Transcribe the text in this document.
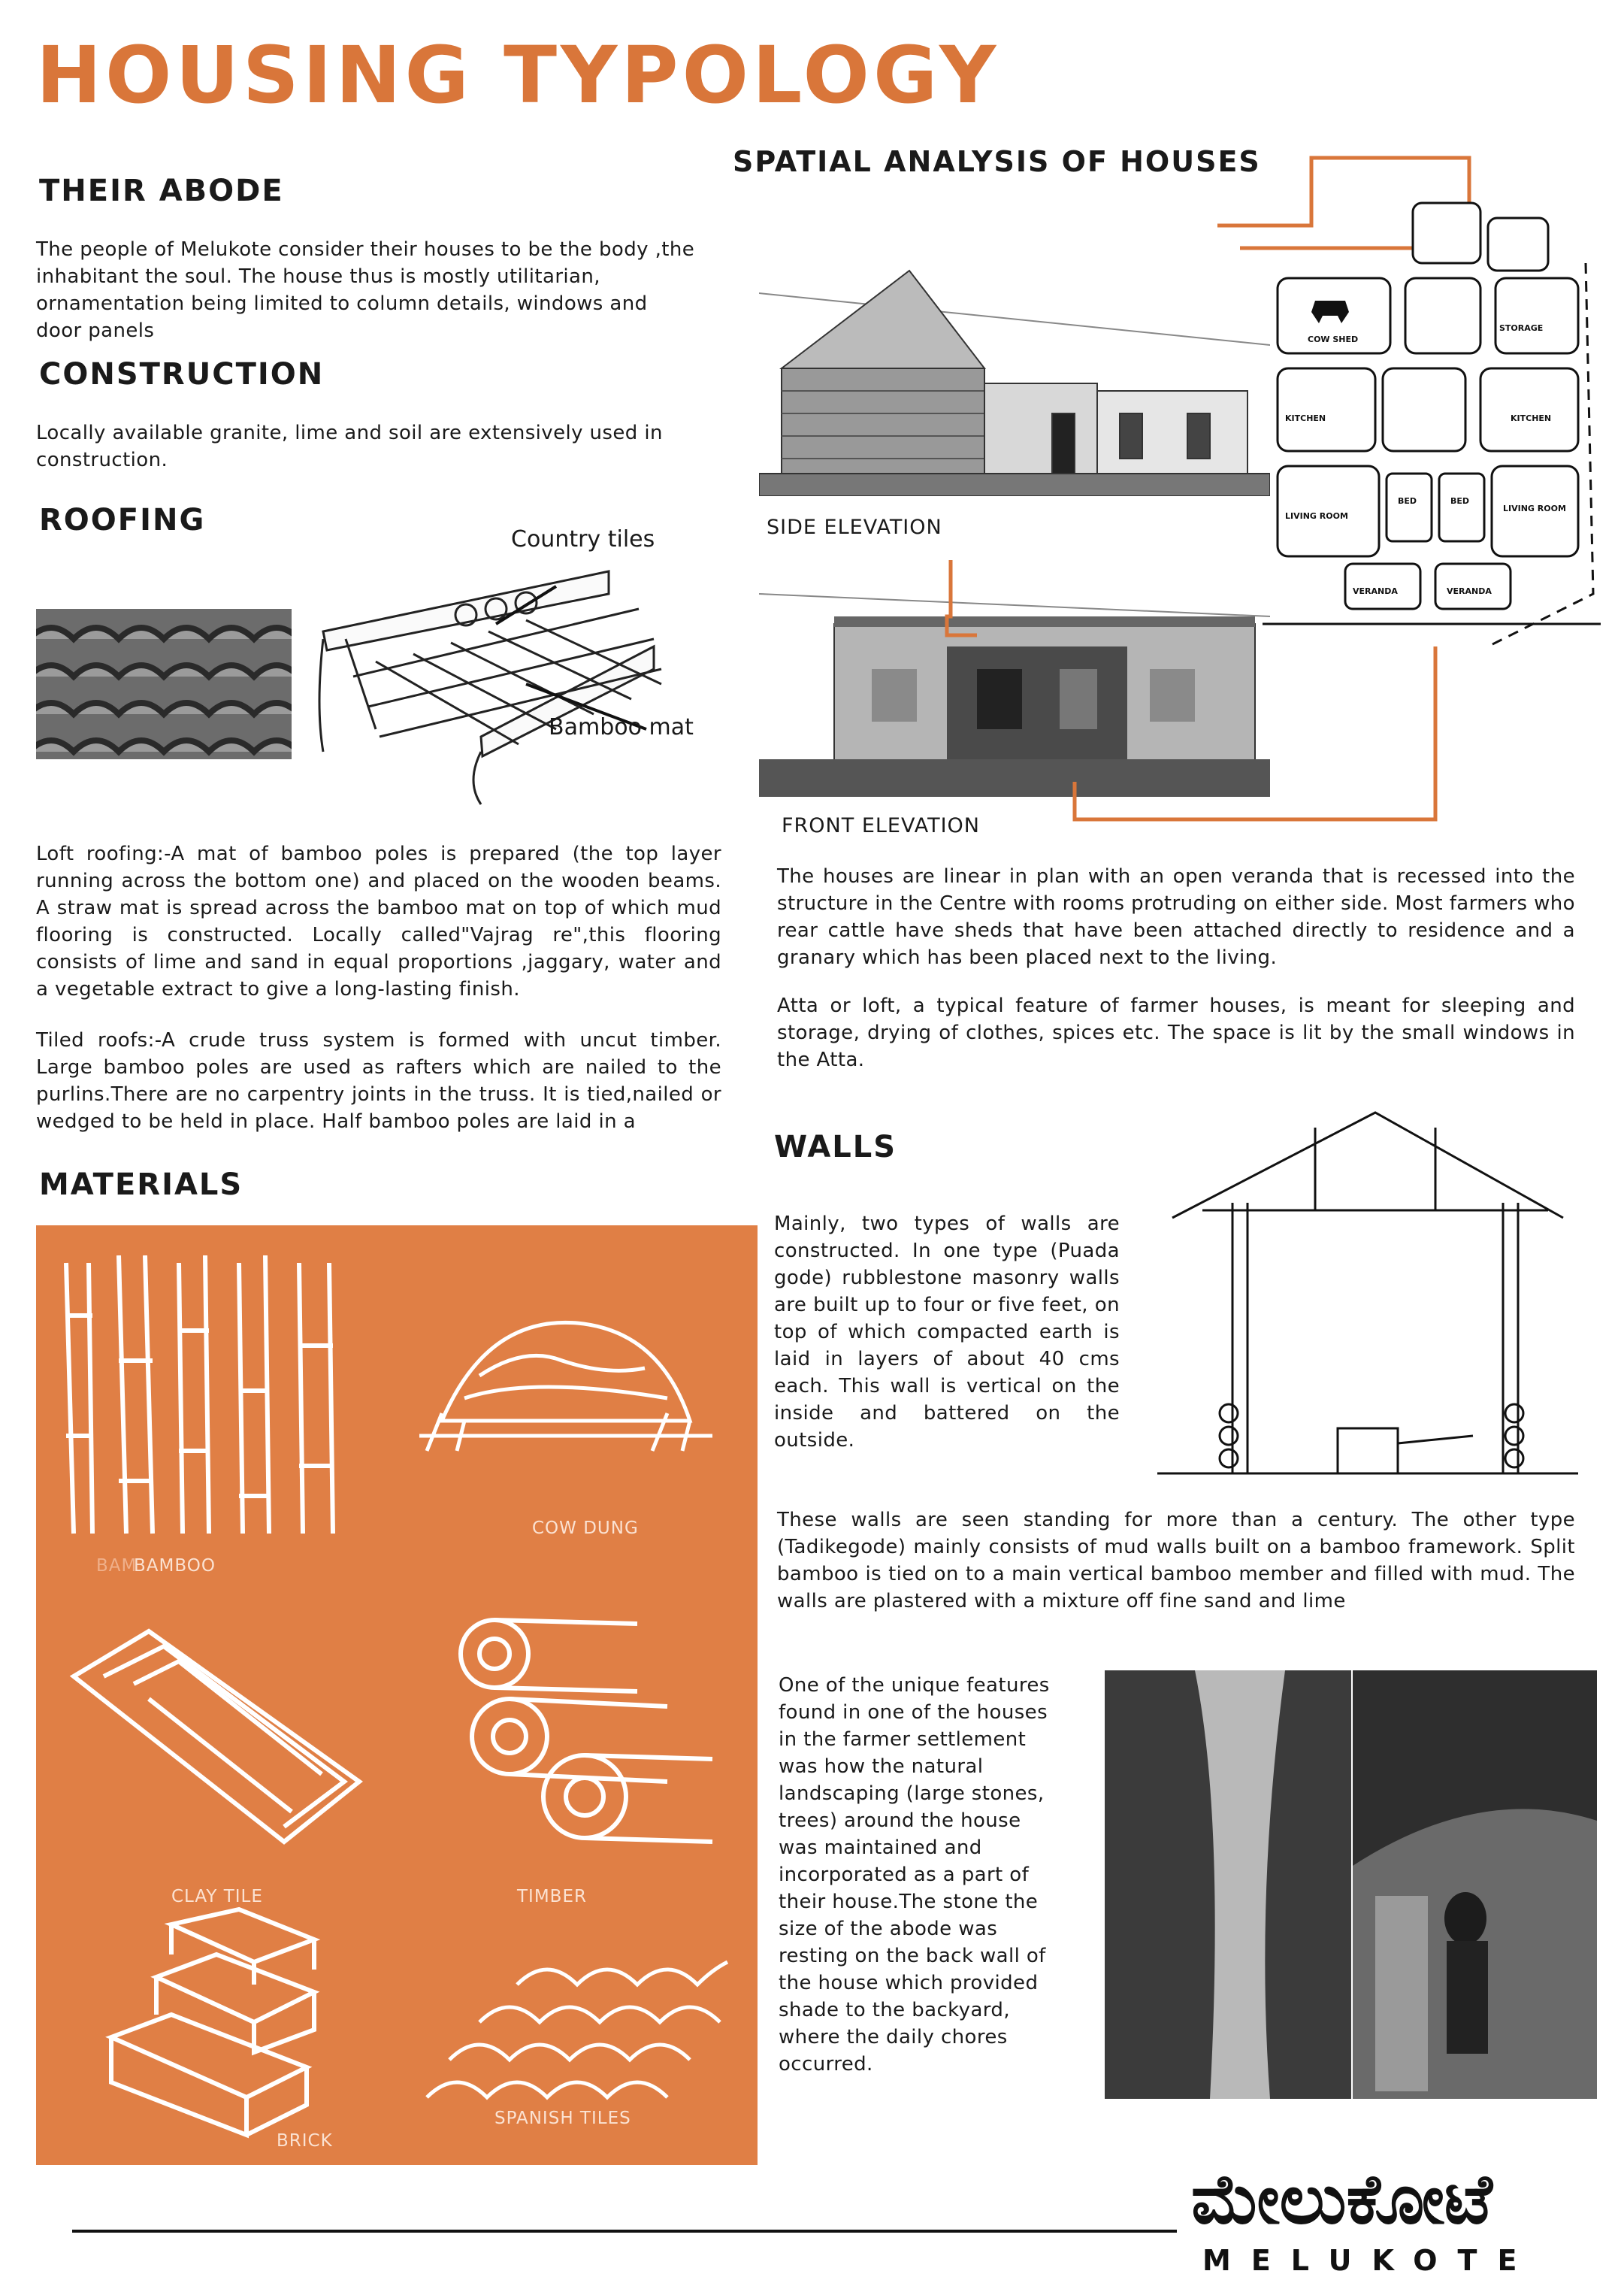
HOUSING TYPOLOGY
THEIR ABODE
The people of Melukote consider their houses to be the body ,the inhabitant the soul. The house thus is mostly utilitarian, ornamentation being limited to column details, windows and door panels
CONSTRUCTION
Locally available granite, lime and soil are extensively used in construction.
ROOFING
Country tiles
Bamboo mat
Loft roofing:-A mat of bamboo poles is prepared (the top layer running across the bottom one) and placed on the wooden beams. A straw mat is spread across the bamboo mat on top of which mud flooring is constructed. Locally called"Vajrag re",this flooring consists of lime and sand in equal proportions ,jaggary, water and a vegetable extract to give a long-lasting finish.
Tiled roofs:-A crude truss system is formed with uncut timber. Large bamboo poles are used as rafters which are nailed to the purlins.There are no carpentry joints in the truss. It is tied,nailed or wedged to be held in place. Half bamboo poles are laid in a
MATERIALS
BAM
BAMBOO
COW DUNG
CLAY TILE	TIMBER
BRICK
SPANISH TILES
SPATIAL ANALYSIS OF HOUSES
SIDE ELEVATION
FRONT ELEVATION
COW SHED
STORAGE
KITCHEN	KITCHEN
LIVING ROOM
LIVING ROOM
BED	BED
VERANDA	VERANDA
The houses are linear in plan with an open veranda that is recessed into the structure in the Centre with rooms protruding on either side. Most farmers who rear cattle have sheds that have been attached directly to residence and a granary which has been placed next to the living.
Atta or loft, a typical feature of farmer houses, is meant for sleeping and storage, drying of clothes, spices etc. The space is lit by the small windows in the Atta.
WALLS
Mainly, two types of walls are constructed. In one type (Puada gode) rubblestone masonry walls are built up to four or five feet, on top of which compacted earth is laid in layers of about 40 cms each. This wall is vertical on the inside and battered on the outside.
These walls are seen standing for more than a century. The other type (Tadikegode) mainly consists of mud walls built on a bamboo framework. Split bamboo is tied on to a main vertical bamboo member and filled with mud. The walls are plastered with a mixture off fine sand and lime
One of the unique features found in one of the houses in the farmer settlement was how the natural landscaping (large stones, trees) around the house was maintained and incorporated as a part of their house.The stone the size of the abode was resting on the back wall of the house which provided shade to the backyard, where the daily chores occurred.
ಮೇಲುಕೋಟೆ
MELUKOTE
